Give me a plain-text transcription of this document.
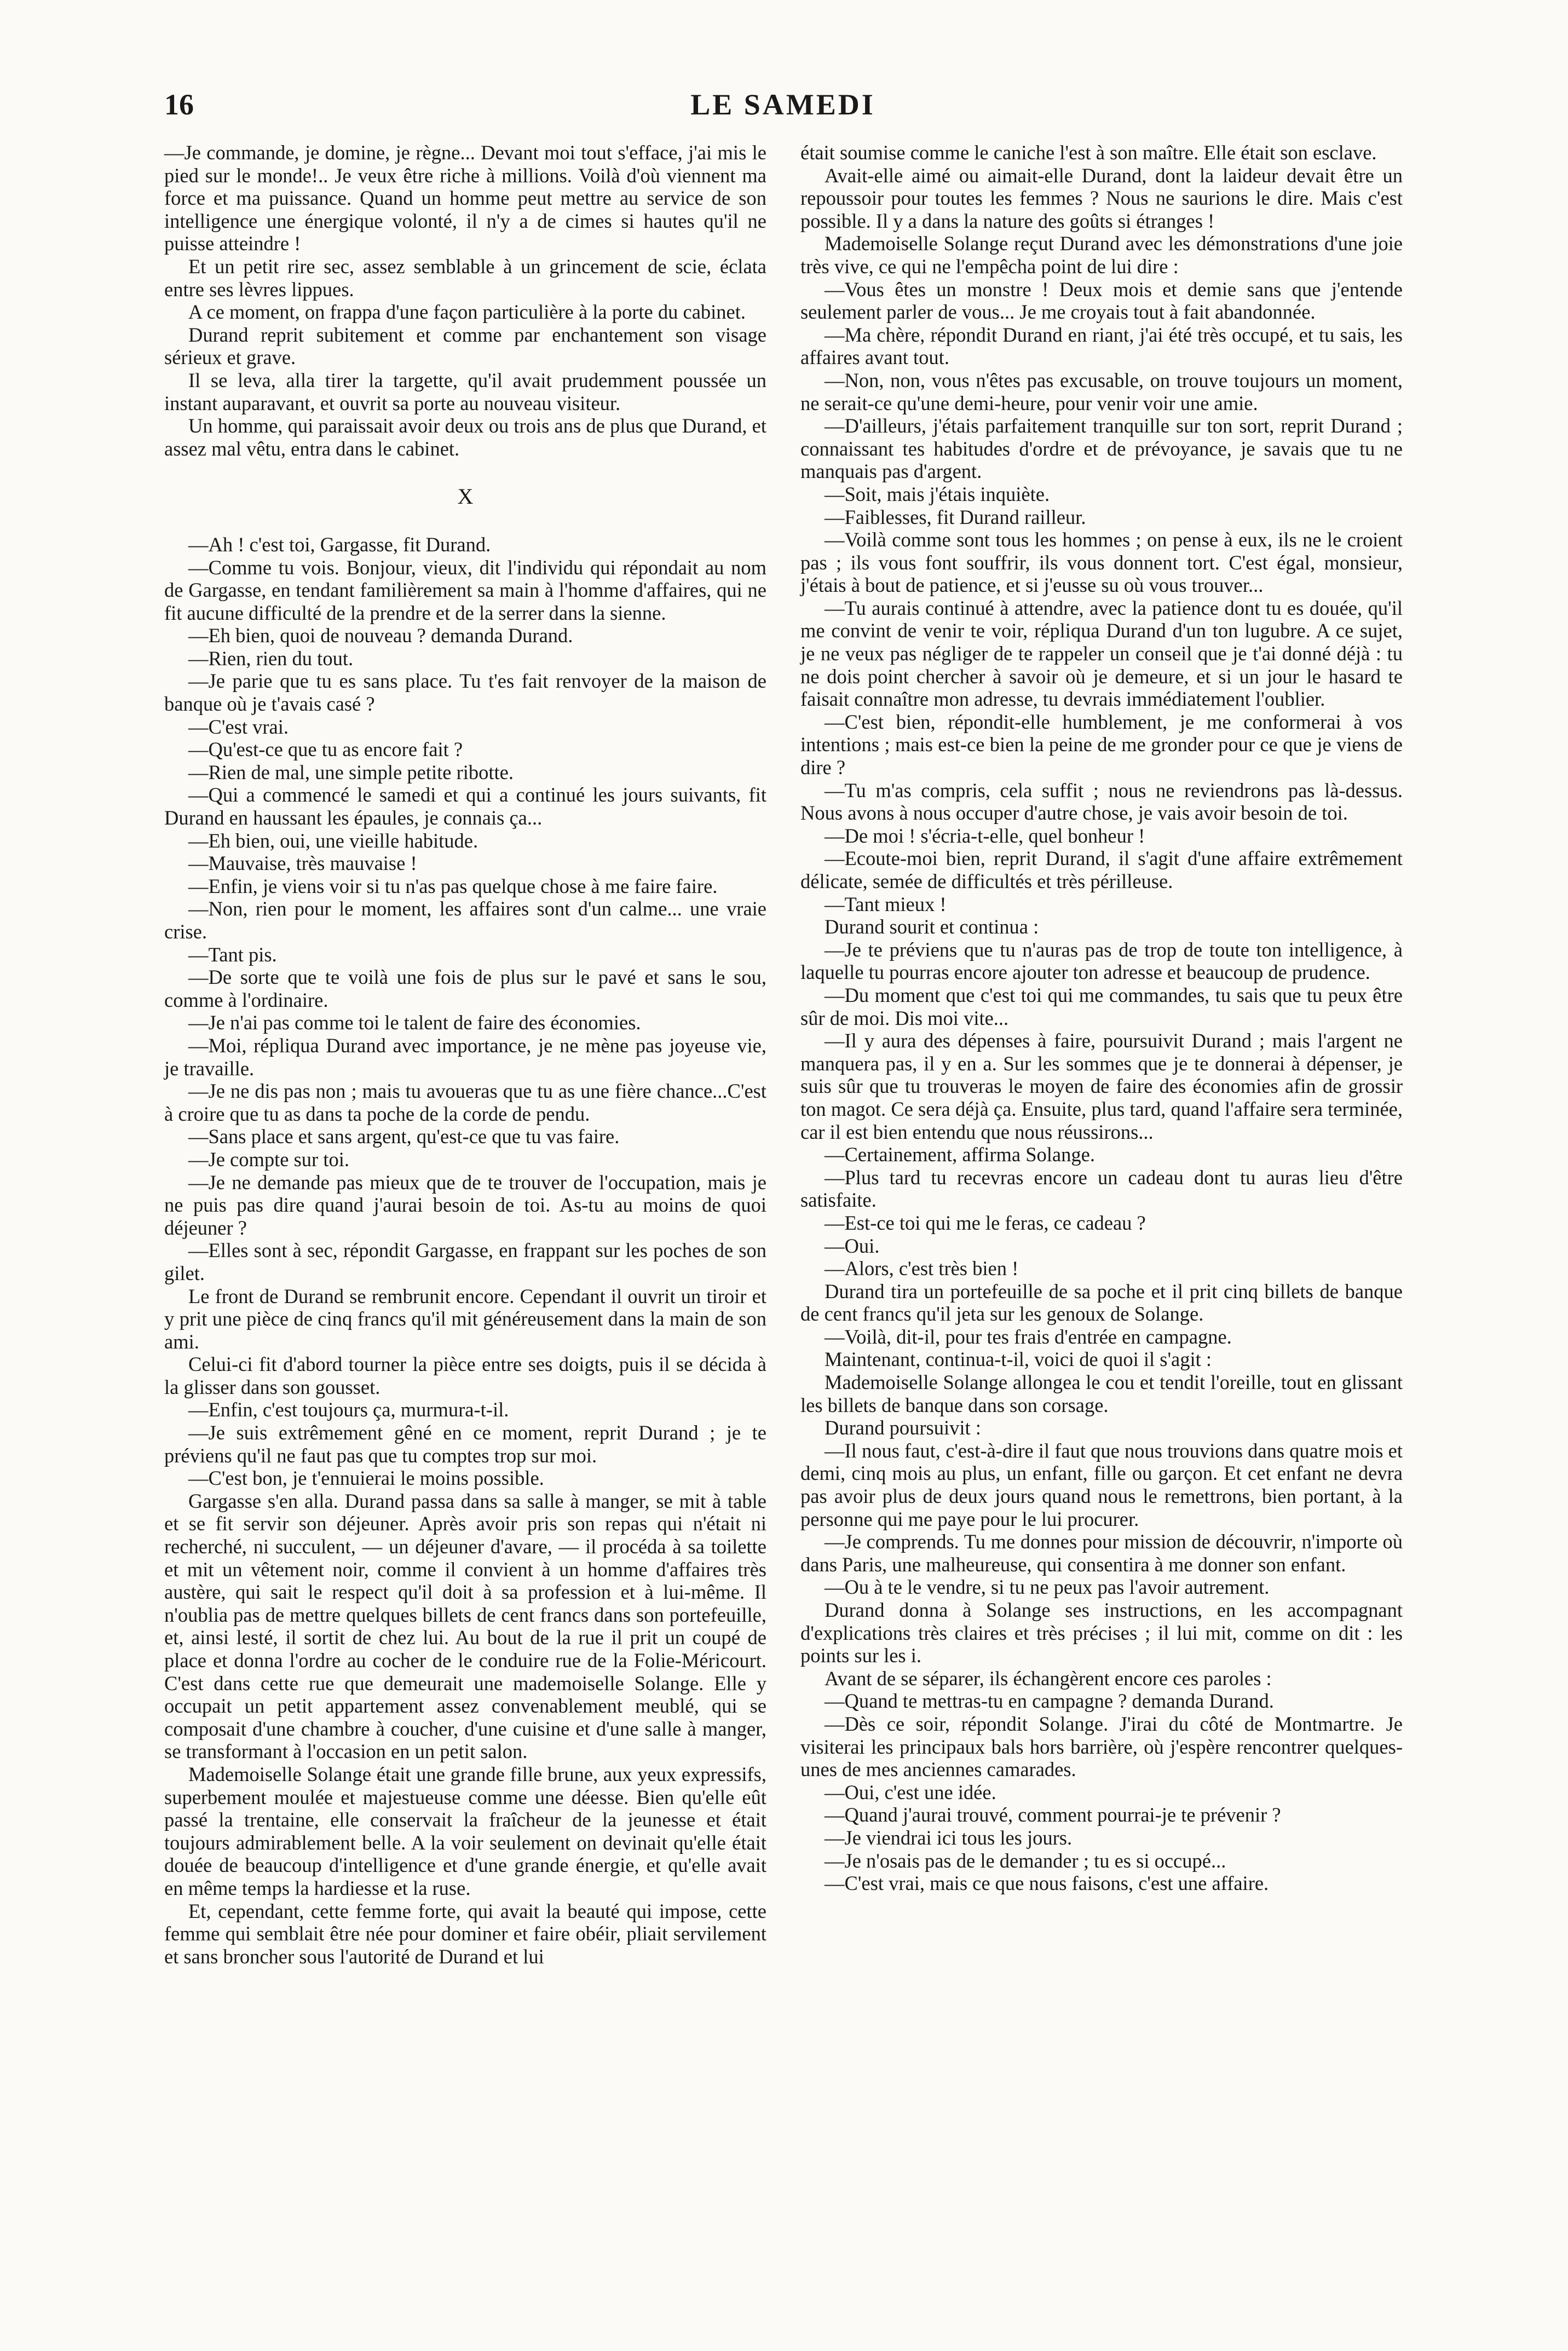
LE SAMEDI
16

—Je commande, je domine, je règne... Devant moi tout s'efface, j'ai mis le pied sur le monde!.. Je veux être riche à millions. Voilà d'où viennent ma force et ma puissance. Quand un homme peut mettre au service de son intelligence une énergique volonté, il n'y a de cimes si hautes qu'il ne puisse atteindre !

Et un petit rire sec, assez semblable à un grincement de scie, éclata entre ses lèvres lippues.

A ce moment, on frappa d'une façon particulière à la porte du cabinet.

Durand reprit subitement et comme par enchantement son visage sérieux et grave.

Il se leva, alla tirer la targette, qu'il avait prudemment poussée un instant auparavant, et ouvrit sa porte au nouveau visiteur.

Un homme, qui paraissait avoir deux ou trois ans de plus que Durand, et assez mal vêtu, entra dans le cabinet.

X

—Ah ! c'est toi, Gargasse, fit Durand.

—Comme tu vois. Bonjour, vieux, dit l'individu qui répondait au nom de Gargasse, en tendant familièrement sa main à l'homme d'affaires, qui ne fit aucune difficulté de la prendre et de la serrer dans la sienne.

—Eh bien, quoi de nouveau ? demanda Durand.

—Rien, rien du tout.

—Je parie que tu es sans place. Tu t'es fait renvoyer de la maison de banque où je t'avais casé ?

—C'est vrai.

—Qu'est-ce que tu as encore fait ?

—Rien de mal, une simple petite ribotte.

—Qui a commencé le samedi et qui a continué les jours suivants, fit Durand en haussant les épaules, je connais ça...

—Eh bien, oui, une vieille habitude.

—Mauvaise, très mauvaise !

—Enfin, je viens voir si tu n'as pas quelque chose à me faire faire.

—Non, rien pour le moment, les affaires sont d'un calme... une vraie crise.

—Tant pis.

—De sorte que te voilà une fois de plus sur le pavé et sans le sou, comme à l'ordinaire.

—Je n'ai pas comme toi le talent de faire des économies.

—Moi, répliqua Durand avec importance, je ne mène pas joyeuse vie, je travaille.

—Je ne dis pas non ; mais tu avoueras que tu as une fière chance...C'est à croire que tu as dans ta poche de la corde de pendu.

—Sans place et sans argent, qu'est-ce que tu vas faire.

—Je compte sur toi.

—Je ne demande pas mieux que de te trouver de l'occupation, mais je ne puis pas dire quand j'aurai besoin de toi. As-tu au moins de quoi déjeuner ?

—Elles sont à sec, répondit Gargasse, en frappant sur les poches de son gilet.

Le front de Durand se rembrunit encore. Cependant il ouvrit un tiroir et y prit une pièce de cinq francs qu'il mit généreusement dans la main de son ami.

Celui-ci fit d'abord tourner la pièce entre ses doigts, puis il se décida à la glisser dans son gousset.

—Enfin, c'est toujours ça, murmura-t-il.

—Je suis extrêmement gêné en ce moment, reprit Durand ; je te préviens qu'il ne faut pas que tu comptes trop sur moi.

—C'est bon, je t'ennuierai le moins possible.

Gargasse s'en alla. Durand passa dans sa salle à manger, se mit à table et se fit servir son déjeuner. Après avoir pris son repas qui n'était ni recherché, ni succulent, — un déjeuner d'avare, — il procéda à sa toilette et mit un vêtement noir, comme il convient à un homme d'affaires très austère, qui sait le respect qu'il doit à sa profession et à lui-même. Il n'oublia pas de mettre quelques billets de cent francs dans son portefeuille, et, ainsi lesté, il sortit de chez lui. Au bout de la rue il prit un coupé de place et donna l'ordre au cocher de le conduire rue de la Folie-Méricourt. C'est dans cette rue que demeurait une mademoiselle Solange. Elle y occupait un petit appartement assez convenablement meublé, qui se composait d'une chambre à coucher, d'une cuisine et d'une salle à manger, se transformant à l'occasion en un petit salon.

Mademoiselle Solange était une grande fille brune, aux yeux expressifs, superbement moulée et majestueuse comme une déesse. Bien qu'elle eût passé la trentaine, elle conservait la fraîcheur de la jeunesse et était toujours admirablement belle. A la voir seulement on devinait qu'elle était douée de beaucoup d'intelligence et d'une grande énergie, et qu'elle avait en même temps la hardiesse et la ruse.

Et, cependant, cette femme forte, qui avait la beauté qui impose, cette femme qui semblait être née pour dominer et faire obéir, pliait servilement et sans broncher sous l'autorité de Durand et lui

était soumise comme le caniche l'est à son maître. Elle était son esclave.

Avait-elle aimé ou aimait-elle Durand, dont la laideur devait être un repoussoir pour toutes les femmes ? Nous ne saurions le dire. Mais c'est possible. Il y a dans la nature des goûts si étranges !

Mademoiselle Solange reçut Durand avec les démonstrations d'une joie très vive, ce qui ne l'empêcha point de lui dire :

—Vous êtes un monstre ! Deux mois et demie sans que j'entende seulement parler de vous... Je me croyais tout à fait abandonnée.

—Ma chère, répondit Durand en riant, j'ai été très occupé, et tu sais, les affaires avant tout.

—Non, non, vous n'êtes pas excusable, on trouve toujours un moment, ne serait-ce qu'une demi-heure, pour venir voir une amie.

—D'ailleurs, j'étais parfaitement tranquille sur ton sort, reprit Durand ; connaissant tes habitudes d'ordre et de prévoyance, je savais que tu ne manquais pas d'argent.

—Soit, mais j'étais inquiète.

—Faiblesses, fit Durand railleur.

—Voilà comme sont tous les hommes ; on pense à eux, ils ne le croient pas ; ils vous font souffrir, ils vous donnent tort. C'est égal, monsieur, j'étais à bout de patience, et si j'eusse su où vous trouver...

—Tu aurais continué à attendre, avec la patience dont tu es douée, qu'il me convint de venir te voir, répliqua Durand d'un ton lugubre. A ce sujet, je ne veux pas négliger de te rappeler un conseil que je t'ai donné déjà : tu ne dois point chercher à savoir où je demeure, et si un jour le hasard te faisait connaître mon adresse, tu devrais immédiatement l'oublier.

—C'est bien, répondit-elle humblement, je me conformerai à vos intentions ; mais est-ce bien la peine de me gronder pour ce que je viens de dire ?

—Tu m'as compris, cela suffit ; nous ne reviendrons pas là-dessus. Nous avons à nous occuper d'autre chose, je vais avoir besoin de toi.

—De moi ! s'écria-t-elle, quel bonheur !

—Ecoute-moi bien, reprit Durand, il s'agit d'une affaire extrêmement délicate, semée de difficultés et très périlleuse.

—Tant mieux !

Durand sourit et continua :

—Je te préviens que tu n'auras pas de trop de toute ton intelligence, à laquelle tu pourras encore ajouter ton adresse et beaucoup de prudence.

—Du moment que c'est toi qui me commandes, tu sais que tu peux être sûr de moi. Dis moi vite...

—Il y aura des dépenses à faire, poursuivit Durand ; mais l'argent ne manquera pas, il y en a. Sur les sommes que je te donnerai à dépenser, je suis sûr que tu trouveras le moyen de faire des économies afin de grossir ton magot. Ce sera déjà ça. Ensuite, plus tard, quand l'affaire sera terminée, car il est bien entendu que nous réussirons...

—Certainement, affirma Solange.

—Plus tard tu recevras encore un cadeau dont tu auras lieu d'être satisfaite.

—Est-ce toi qui me le feras, ce cadeau ?

—Oui.

—Alors, c'est très bien !

Durand tira un portefeuille de sa poche et il prit cinq billets de banque de cent francs qu'il jeta sur les genoux de Solange.

—Voilà, dit-il, pour tes frais d'entrée en campagne.

Maintenant, continua-t-il, voici de quoi il s'agit :

Mademoiselle Solange allongea le cou et tendit l'oreille, tout en glissant les billets de banque dans son corsage.

Durand poursuivit :

—Il nous faut, c'est-à-dire il faut que nous trouvions dans quatre mois et demi, cinq mois au plus, un enfant, fille ou garçon. Et cet enfant ne devra pas avoir plus de deux jours quand nous le remettrons, bien portant, à la personne qui me paye pour le lui procurer.

—Je comprends. Tu me donnes pour mission de découvrir, n'importe où dans Paris, une malheureuse, qui consentira à me donner son enfant.

—Ou à te le vendre, si tu ne peux pas l'avoir autrement.

Durand donna à Solange ses instructions, en les accompagnant d'explications très claires et très précises ; il lui mit, comme on dit : les points sur les i.

Avant de se séparer, ils échangèrent encore ces paroles :

—Quand te mettras-tu en campagne ? demanda Durand.

—Dès ce soir, répondit Solange. J'irai du côté de Montmartre. Je visiterai les principaux bals hors barrière, où j'espère rencontrer quelques-unes de mes anciennes camarades.

—Oui, c'est une idée.

—Quand j'aurai trouvé, comment pourrai-je te prévenir ?

—Je viendrai ici tous les jours.

—Je n'osais pas de le demander ; tu es si occupé...

—C'est vrai, mais ce que nous faisons, c'est une affaire.
